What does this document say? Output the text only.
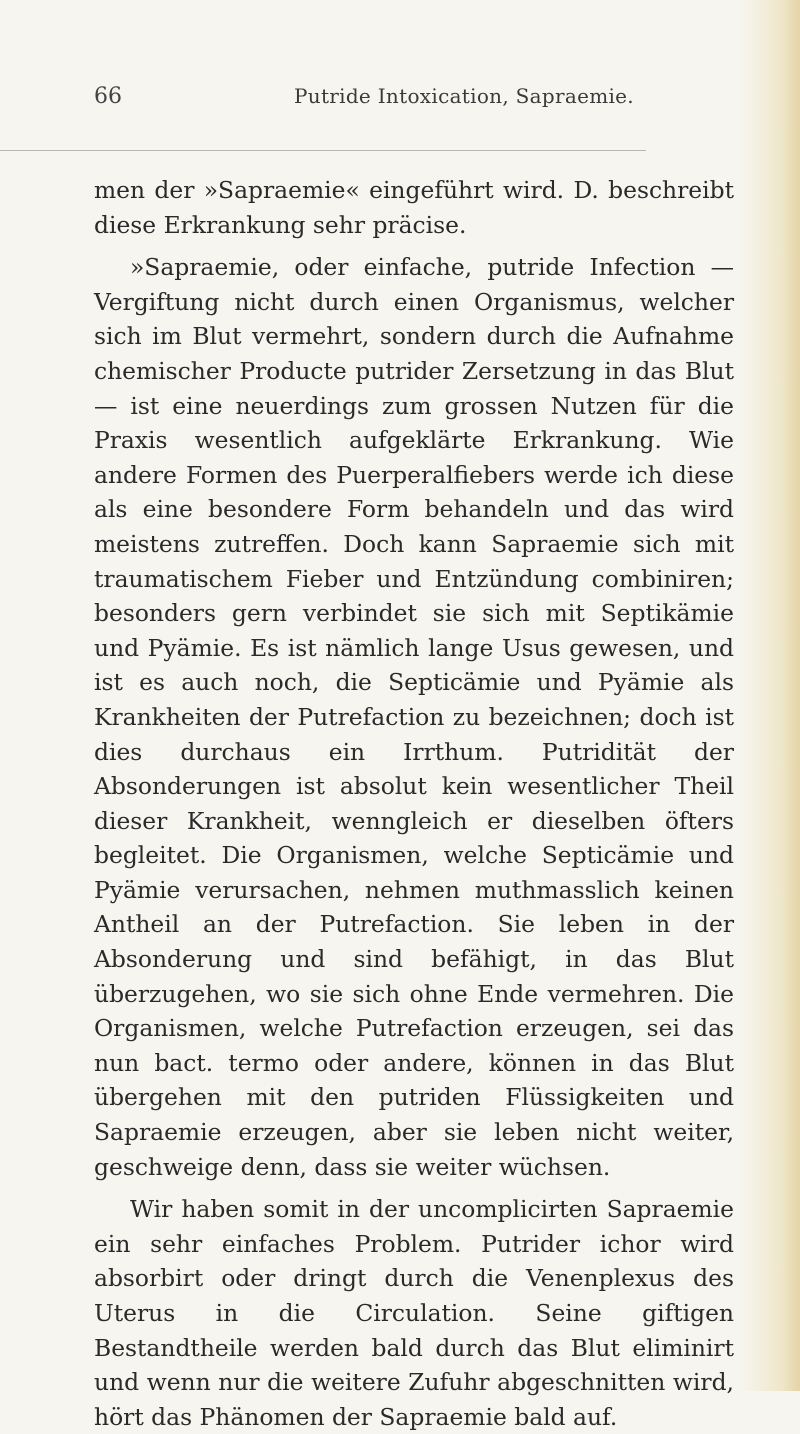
66	Putride Intoxication, Sapraemie.

men der »Sapraemie« eingeführt wird. D. beschreibt diese Erkrankung sehr präcise.

»Sapraemie, oder einfache, putride Infection — Vergiftung nicht durch einen Organismus, welcher sich im Blut vermehrt, sondern durch die Aufnahme chemischer Producte putrider Zersetzung in das Blut — ist eine neuerdings zum grossen Nutzen für die Praxis wesentlich aufgeklärte Erkrankung. Wie andere Formen des Puerperalfiebers werde ich diese als eine besondere Form behandeln und das wird meistens zutreffen. Doch kann Sapraemie sich mit traumatischem Fieber und Entzündung combiniren; besonders gern verbindet sie sich mit Septikämie und Pyämie. Es ist nämlich lange Usus gewesen, und ist es auch noch, die Septicämie und Pyämie als Krankheiten der Putrefaction zu bezeichnen; doch ist dies durchaus ein Irrthum. Putridität der Absonderungen ist absolut kein wesentlicher Theil dieser Krankheit, wenngleich er dieselben öfters begleitet. Die Organismen, welche Septicämie und Pyämie verursachen, nehmen muthmasslich keinen Antheil an der Putrefaction. Sie leben in der Absonderung und sind befähigt, in das Blut überzugehen, wo sie sich ohne Ende vermehren. Die Organismen, welche Putrefaction erzeugen, sei das nun bact. termo oder andere, können in das Blut übergehen mit den putriden Flüssigkeiten und Sapraemie erzeugen, aber sie leben nicht weiter, geschweige denn, dass sie weiter wüchsen.

Wir haben somit in der uncomplicirten Sapraemie ein sehr einfaches Problem. Putrider ichor wird absorbirt oder dringt durch die Venenplexus des Uterus in die Circulation. Seine giftigen Bestandtheile werden bald durch das Blut eliminirt und wenn nur die weitere Zufuhr abgeschnitten wird, hört das Phänomen der Sapraemie bald auf.
